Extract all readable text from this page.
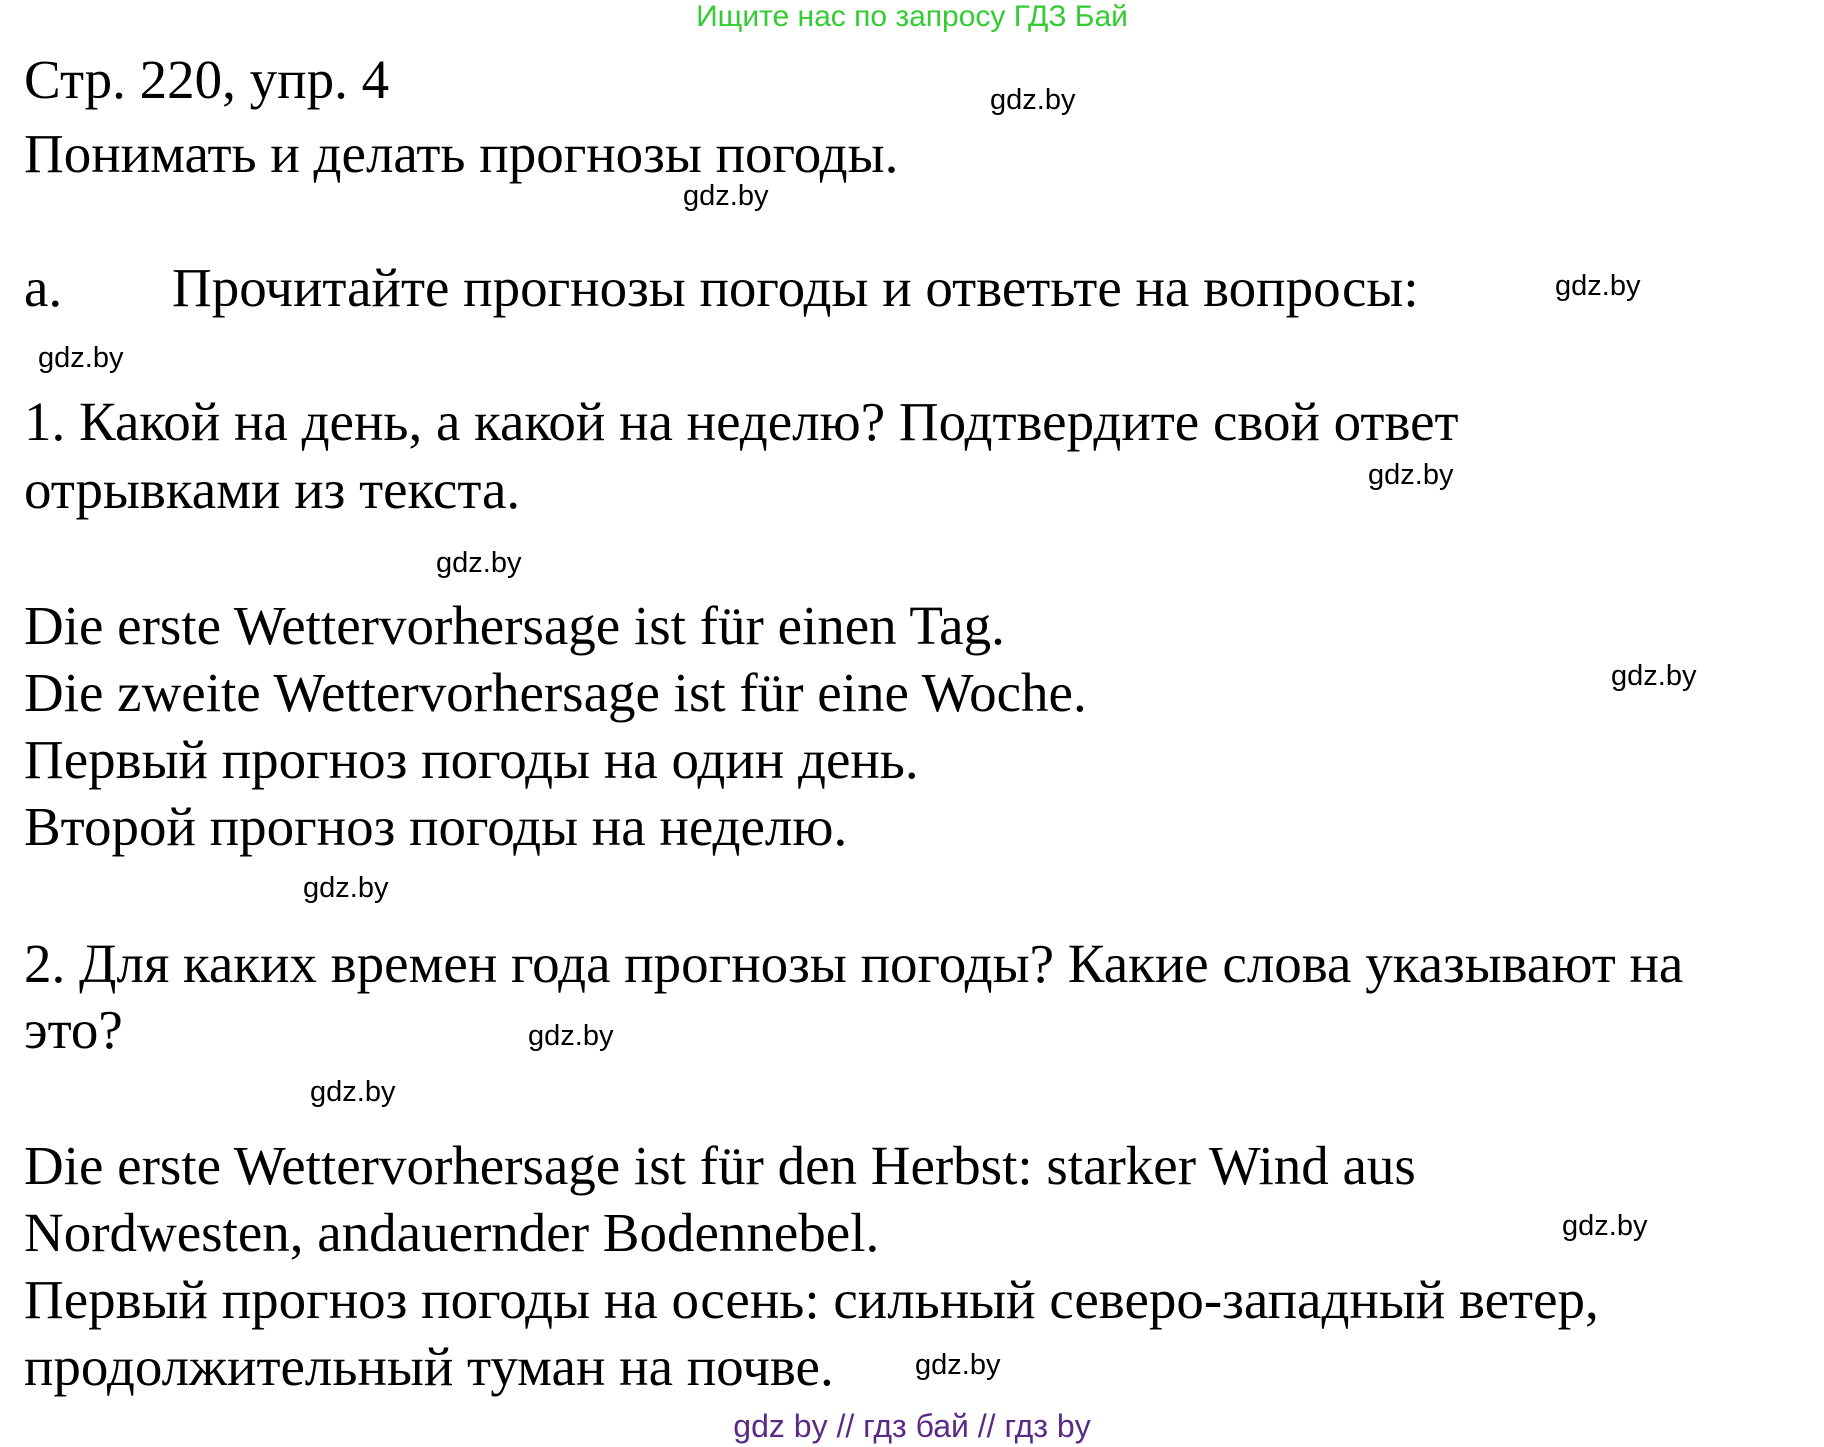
Ищите нас по запросу ГДЗ Бай
Стр. 220, упр. 4	gdz.by
Понимать и делать прогнозы погоды.
gdz.by
a. Прочитайте прогнозы погоды и ответьте на вопросы:	gdz.by
gdz.by
1. Какой на день, а какой на неделю? Подтвердите свой ответ
отрывками из текста.	gdz.by
gdz.by
Die erste Wettervorhersage ist für einen Tag.
Die zweite Wettervorhersage ist für eine Woche.	gdz.by
Первый прогноз погоды на один день.
Второй прогноз погоды на неделю.
gdz.by
2. Для каких времен года прогнозы погоды? Какие слова указывают на
это?	gdz.by
gdz.by
Die erste Wettervorhersage ist für den Herbst: starker Wind aus
Nordwesten, andauernder Bodennebel.	gdz.by
Первый прогноз погоды на осень: сильный северо-западный ветер,
продолжительный туман на почве.	gdz.by
gdz by // гдз бай // гдз by
